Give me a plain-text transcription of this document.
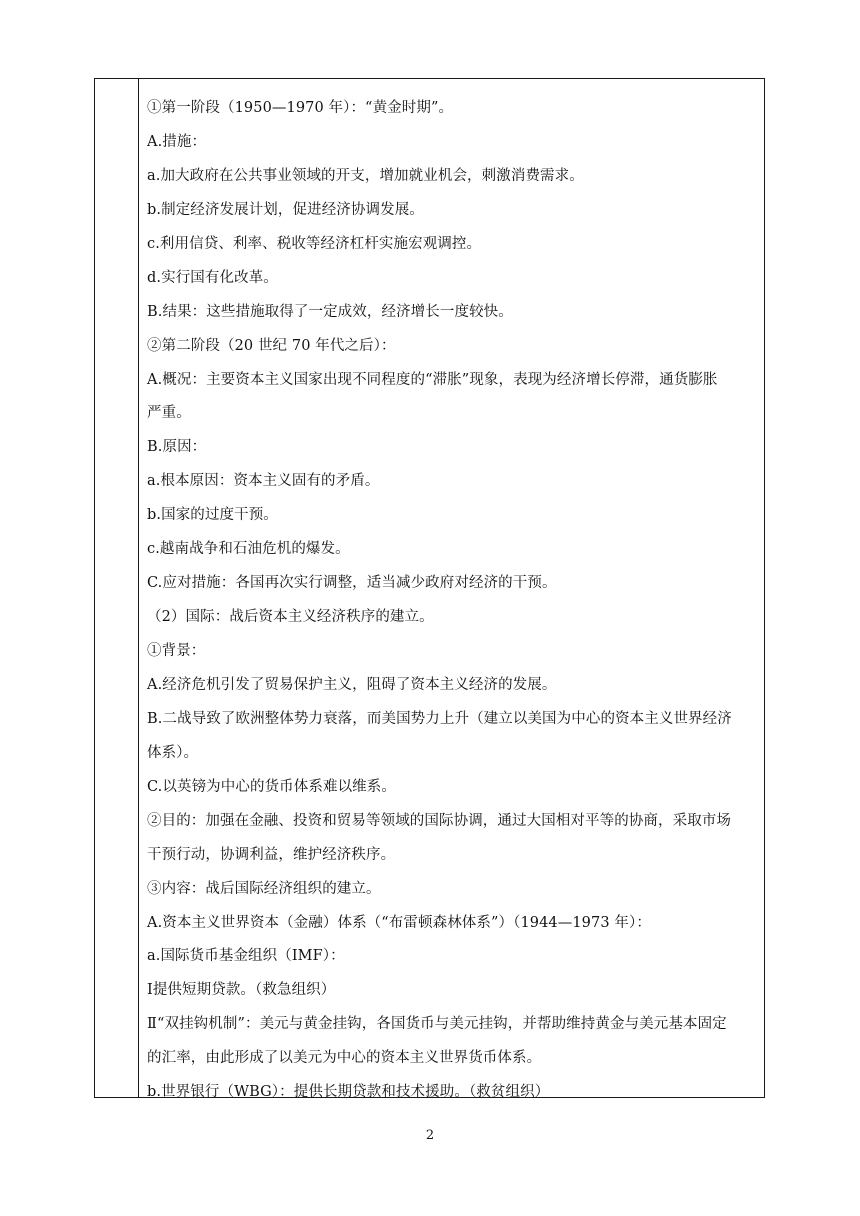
①第一阶段（1950—1970 年）：“黄金时期”。
A.措施：
a.加大政府在公共事业领域的开支，增加就业机会，刺激消费需求。
b.制定经济发展计划，促进经济协调发展。
c.利用信贷、利率、税收等经济杠杆实施宏观调控。
d.实行国有化改革。
B.结果：这些措施取得了一定成效，经济增长一度较快。
②第二阶段（20 世纪 70 年代之后）：
A.概况：主要资本主义国家出现不同程度的“滞胀”现象，表现为经济增长停滞，通货膨胀
严重。
B.原因：
a.根本原因：资本主义固有的矛盾。
b.国家的过度干预。
c.越南战争和石油危机的爆发。
C.应对措施：各国再次实行调整，适当减少政府对经济的干预。
（2）国际：战后资本主义经济秩序的建立。
①背景：
A.经济危机引发了贸易保护主义，阻碍了资本主义经济的发展。
B.二战导致了欧洲整体势力衰落，而美国势力上升（建立以美国为中心的资本主义世界经济
体系）。
C.以英镑为中心的货币体系难以维系。
②目的：加强在金融、投资和贸易等领域的国际协调，通过大国相对平等的协商，采取市场
干预行动，协调利益，维护经济秩序。
③内容：战后国际经济组织的建立。
A.资本主义世界资本（金融）体系（“布雷顿森林体系”）（1944—1973 年）：
a.国际货币基金组织（IMF）：
Ⅰ提供短期贷款。（救急组织）
Ⅱ“双挂钩机制”：美元与黄金挂钩，各国货币与美元挂钩，并帮助维持黄金与美元基本固定
的汇率，由此形成了以美元为中心的资本主义世界货币体系。
b.世界银行（WBG）：提供长期贷款和技术援助。（救贫组织）
2
